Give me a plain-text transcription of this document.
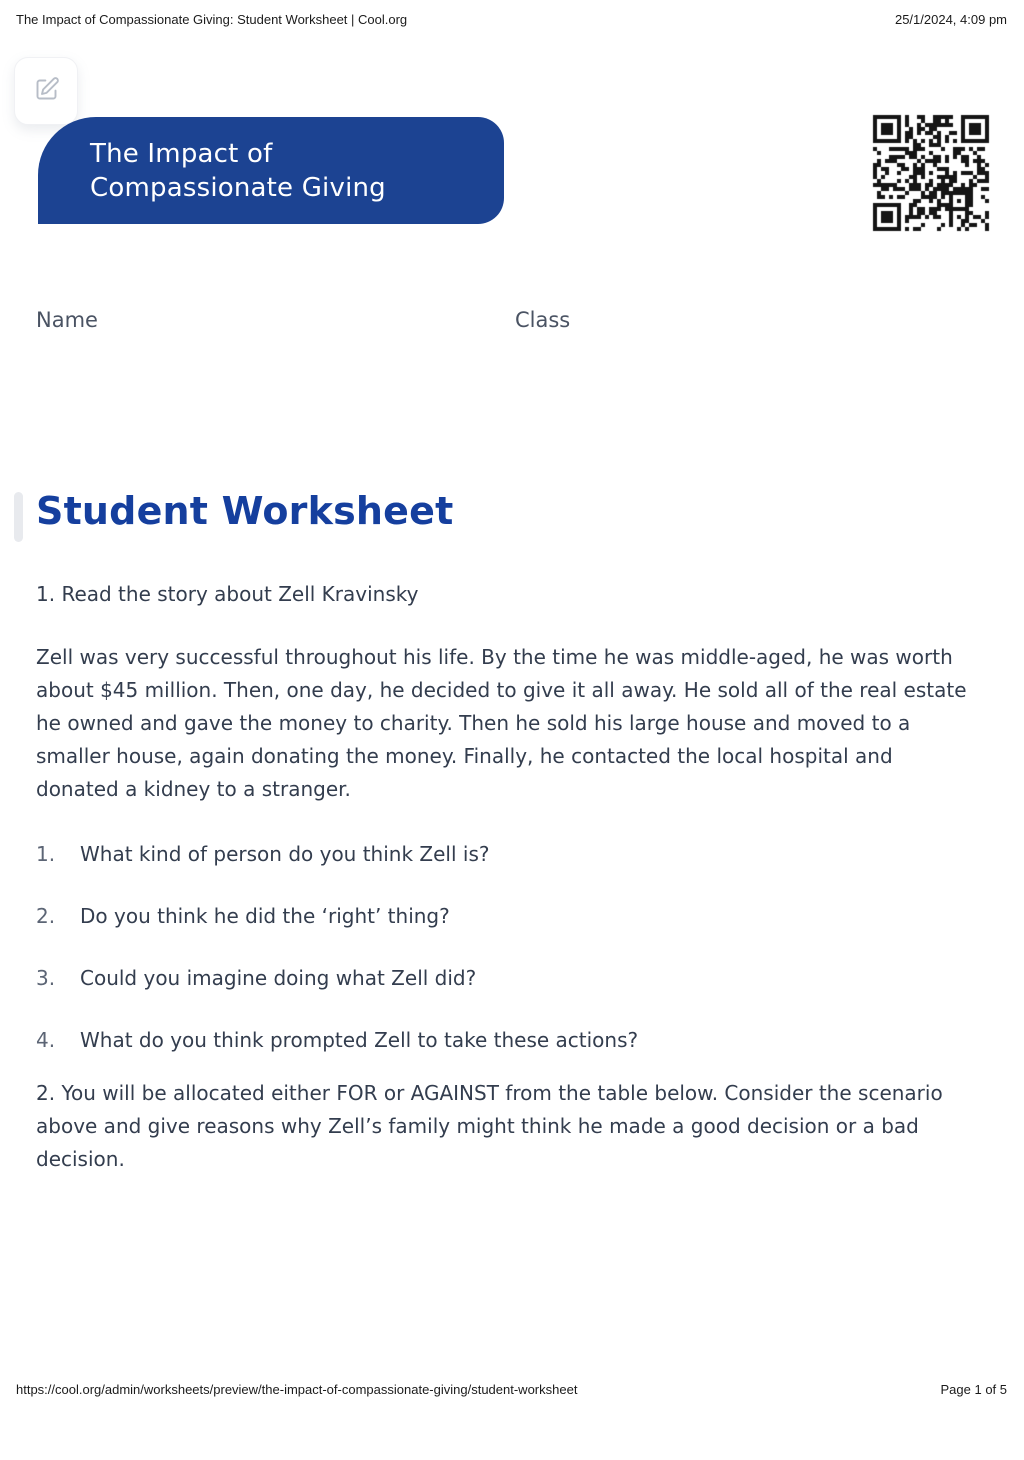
The Impact of Compassionate Giving: Student Worksheet | Cool.org	25/1/2024, 4:09 pm
The Impact of
Compassionate Giving
Name	Class
Student Worksheet
1. Read the story about Zell Kravinsky
Zell was very successful throughout his life. By the time he was middle-aged, he was worth about $45 million. Then, one day, he decided to give it all away. He sold all of the real estate he owned and gave the money to charity. Then he sold his large house and moved to a smaller house, again donating the money. Finally, he contacted the local hospital and donated a kidney to a stranger.
1.	What kind of person do you think Zell is?
2.	Do you think he did the ‘right’ thing?
3.	Could you imagine doing what Zell did?
4.	What do you think prompted Zell to take these actions?
2. You will be allocated either FOR or AGAINST from the table below. Consider the scenario above and give reasons why Zell’s family might think he made a good decision or a bad decision.
https://cool.org/admin/worksheets/preview/the-impact-of-compassionate-giving/student-worksheet	Page 1 of 5
